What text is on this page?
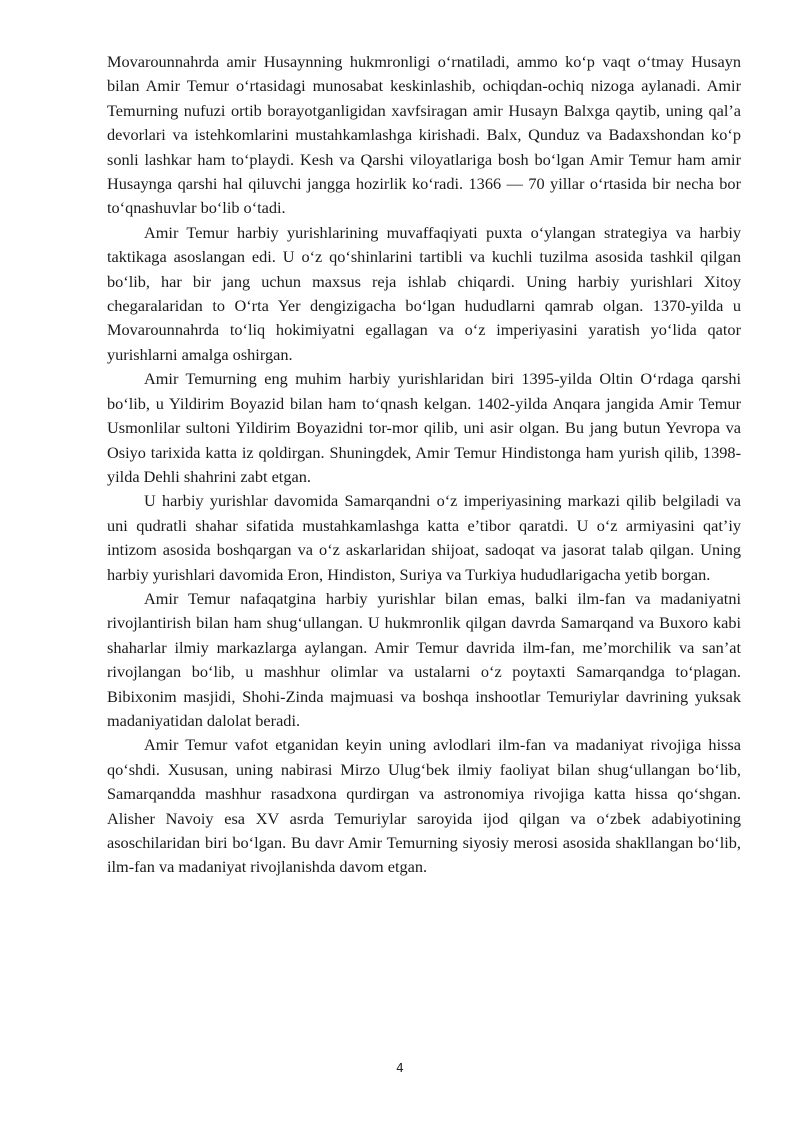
Movarounnahrda amir Husaynning hukmronligi oʻrnatiladi, ammo koʻp vaqt oʻtmay Husayn bilan Amir Temur oʻrtasidagi munosabat keskinlashib, ochiqdan-ochiq nizoga aylanadi. Amir Temurning nufuzi ortib borayotganligidan xavfsiragan amir Husayn Balxga qaytib, uning qal’a devorlari va istehkomlarini mustahkamlashga kirishadi. Balx, Qunduz va Badaxshondan koʻp sonli lashkar ham toʻplaydi. Kesh va Qarshi viloyatlariga bosh boʻlgan Amir Temur ham amir Husaynga qarshi hal qiluvchi jangga hozirlik koʻradi. 1366 — 70 yillar oʻrtasida bir necha bor toʻqnashuvlar boʻlib oʻtadi.

Amir Temur harbiy yurishlarining muvaffaqiyati puxta oʻylangan strategiya va harbiy taktikaga asoslangan edi. U oʻz qoʻshinlarini tartibli va kuchli tuzilma asosida tashkil qilgan boʻlib, har bir jang uchun maxsus reja ishlab chiqardi. Uning harbiy yurishlari Xitoy chegaralaridan to Oʻrta Yer dengizigacha boʻlgan hududlarni qamrab olgan. 1370-yilda u Movarounnahrda toʻliq hokimiyatni egallagan va oʻz imperiyasini yaratish yoʻlida qator yurishlarni amalga oshirgan.

Amir Temurning eng muhim harbiy yurishlaridan biri 1395-yilda Oltin Oʻrdaga qarshi boʻlib, u Yildirim Boyazid bilan ham toʻqnash kelgan. 1402-yilda Anqara jangida Amir Temur Usmonlilar sultoni Yildirim Boyazidni tor-mor qilib, uni asir olgan. Bu jang butun Yevropa va Osiyo tarixida katta iz qoldirgan. Shuningdek, Amir Temur Hindistonga ham yurish qilib, 1398-yilda Dehli shahrini zabt etgan.

U harbiy yurishlar davomida Samarqandni oʻz imperiyasining markazi qilib belgiladi va uni qudratli shahar sifatida mustahkamlashga katta e’tibor qaratdi. U oʻz armiyasini qat’iy intizom asosida boshqargan va oʻz askarlaridan shijoat, sadoqat va jasorat talab qilgan. Uning harbiy yurishlari davomida Eron, Hindiston, Suriya va Turkiya hududlarigacha yetib borgan.

Amir Temur nafaqatgina harbiy yurishlar bilan emas, balki ilm-fan va madaniyatni rivojlantirish bilan ham shugʻullangan. U hukmronlik qilgan davrda Samarqand va Buxoro kabi shaharlar ilmiy markazlarga aylangan. Amir Temur davrida ilm-fan, me’morchilik va san’at rivojlangan boʻlib, u mashhur olimlar va ustalarni oʻz poytaxti Samarqandga toʻplagan. Bibixonim masjidi, Shohi-Zinda majmuasi va boshqa inshootlar Temuriylar davrining yuksak madaniyatidan dalolat beradi.

Amir Temur vafot etganidan keyin uning avlodlari ilm-fan va madaniyat rivojiga hissa qoʻshdi. Xususan, uning nabirasi Mirzo Ulugʻbek ilmiy faoliyat bilan shugʻullangan boʻlib, Samarqandda mashhur rasadxona qurdirgan va astronomiya rivojiga katta hissa qoʻshgan. Alisher Navoiy esa XV asrda Temuriylar saroyida ijod qilgan va oʻzbek adabiyotining asoschilaridan biri boʻlgan. Bu davr Amir Temurning siyosiy merosi asosida shakllangan boʻlib, ilm-fan va madaniyat rivojlanishda davom etgan.

4
